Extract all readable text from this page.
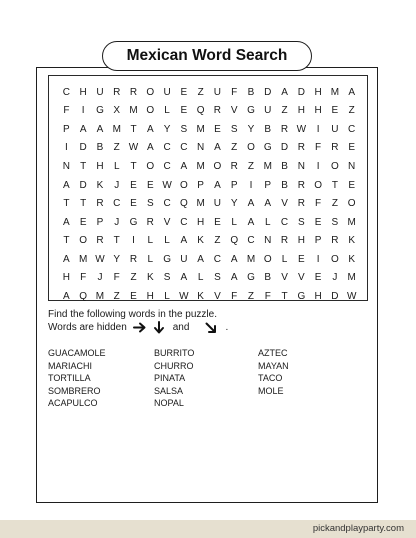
Mexican Word Search
C H U R R O U E	Z	U	F	B D A D H M A
F	I	G X M O	L	E Q R V G U	Z	H H E	Z
P	A	A M T	A	Y	S M E	S	Y	B R W	I	U C
I	D B	Z W A C C N A	Z O G D R	F	R E
N	T	H	L	T O C A M O R	Z M B N	I	O N
A D K	J	E	E W O P	A	P	I	P	B R O T	E
T	T	R C E	S C Q M U Y	A	A	V R	F	Z O
A	E	P	J	G R V C H E	L	A	L	C S	E	S M
T O R	T	I	L	L	A	K	Z Q C N R H P R K
A M W Y R	L	G U A C A M O	L	E	I	O K
H	F	J	F	Z	K	S	A	L	S	A G B	V	V	E	J	M
A Q M Z	E H	L W K	V	F	Z	F	T G H D W
Find the following words in the puzzle.
Words are hidden	and	.
GUACAMOLE
MARIACHI
TORTILLA
SOMBRERO
ACAPULCO
BURRITO
CHURRO
PINATA
SALSA
NOPAL
AZTEC
MAYAN
TACO
MOLE
pickandplayparty.com
